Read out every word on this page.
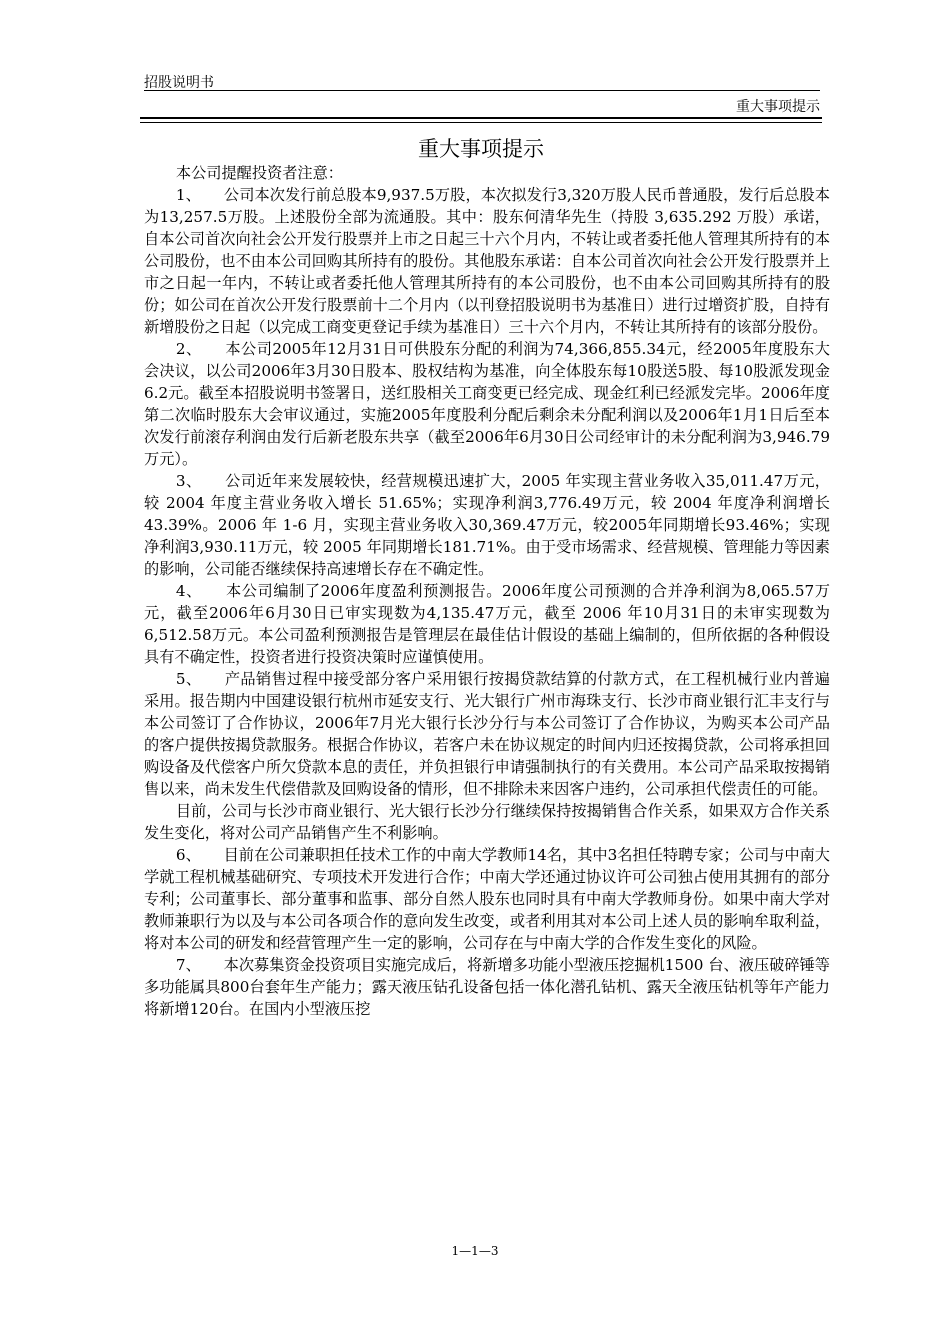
招股说明书
重大事项提示
重大事项提示

本公司提醒投资者注意：

1、　　公司本次发行前总股本9,937.5万股，本次拟发行3,320万股人民币普通股，发行后总股本为13,257.5万股。上述股份全部为流通股。其中：股东何清华先生（持股 3,635.292 万股）承诺，自本公司首次向社会公开发行股票并上市之日起三十六个月内，不转让或者委托他人管理其所持有的本公司股份，也不由本公司回购其所持有的股份。其他股东承诺：自本公司首次向社会公开发行股票并上市之日起一年内，不转让或者委托他人管理其所持有的本公司股份，也不由本公司回购其所持有的股份；如公司在首次公开发行股票前十二个月内（以刊登招股说明书为基准日）进行过增资扩股，自持有新增股份之日起（以完成工商变更登记手续为基准日）三十六个月内，不转让其所持有的该部分股份。

2、　　本公司2005年12月31日可供股东分配的利润为74,366,855.34元，经2005年度股东大会决议，以公司2006年3月30日股本、股权结构为基准，向全体股东每10股送5股、每10股派发现金6.2元。截至本招股说明书签署日，送红股相关工商变更已经完成、现金红利已经派发完毕。2006年度第二次临时股东大会审议通过，实施2005年度股利分配后剩余未分配利润以及2006年1月1日后至本次发行前滚存利润由发行后新老股东共享（截至2006年6月30日公司经审计的未分配利润为3,946.79万元）。

3、　　公司近年来发展较快，经营规模迅速扩大，2005 年实现主营业务收入35,011.47万元，较 2004 年度主营业务收入增长 51.65%；实现净利润3,776.49万元，较 2004 年度净利润增长 43.39%。2006 年 1-6 月，实现主营业务收入30,369.47万元，较2005年同期增长93.46%；实现净利润3,930.11万元，较 2005 年同期增长181.71%。由于受市场需求、经营规模、管理能力等因素的影响，公司能否继续保持高速增长存在不确定性。

4、　　本公司编制了2006年度盈利预测报告。2006年度公司预测的合并净利润为8,065.57万元，截至2006年6月30日已审实现数为4,135.47万元，截至 2006 年10月31日的未审实现数为6,512.58万元。本公司盈利预测报告是管理层在最佳估计假设的基础上编制的，但所依据的各种假设具有不确定性，投资者进行投资决策时应谨慎使用。

5、　　产品销售过程中接受部分客户采用银行按揭贷款结算的付款方式，在工程机械行业内普遍采用。报告期内中国建设银行杭州市延安支行、光大银行广州市海珠支行、长沙市商业银行汇丰支行与本公司签订了合作协议，2006年7月光大银行长沙分行与本公司签订了合作协议，为购买本公司产品的客户提供按揭贷款服务。根据合作协议，若客户未在协议规定的时间内归还按揭贷款，公司将承担回购设备及代偿客户所欠贷款本息的责任，并负担银行申请强制执行的有关费用。本公司产品采取按揭销售以来，尚未发生代偿借款及回购设备的情形，但不排除未来因客户违约，公司承担代偿责任的可能。

目前，公司与长沙市商业银行、光大银行长沙分行继续保持按揭销售合作关系，如果双方合作关系发生变化，将对公司产品销售产生不利影响。

6、　　目前在公司兼职担任技术工作的中南大学教师14名，其中3名担任特聘专家；公司与中南大学就工程机械基础研究、专项技术开发进行合作；中南大学还通过协议许可公司独占使用其拥有的部分专利；公司董事长、部分董事和监事、部分自然人股东也同时具有中南大学教师身份。如果中南大学对教师兼职行为以及与本公司各项合作的意向发生改变，或者利用其对本公司上述人员的影响牟取利益，将对本公司的研发和经营管理产生一定的影响，公司存在与中南大学的合作发生变化的风险。

7、　　本次募集资金投资项目实施完成后，将新增多功能小型液压挖掘机1500 台、液压破碎锤等多功能属具800台套年生产能力；露天液压钻孔设备包括一体化潜孔钻机、露天全液压钻机等年产能力将新增120台。在国内小型液压挖

1—1—3
